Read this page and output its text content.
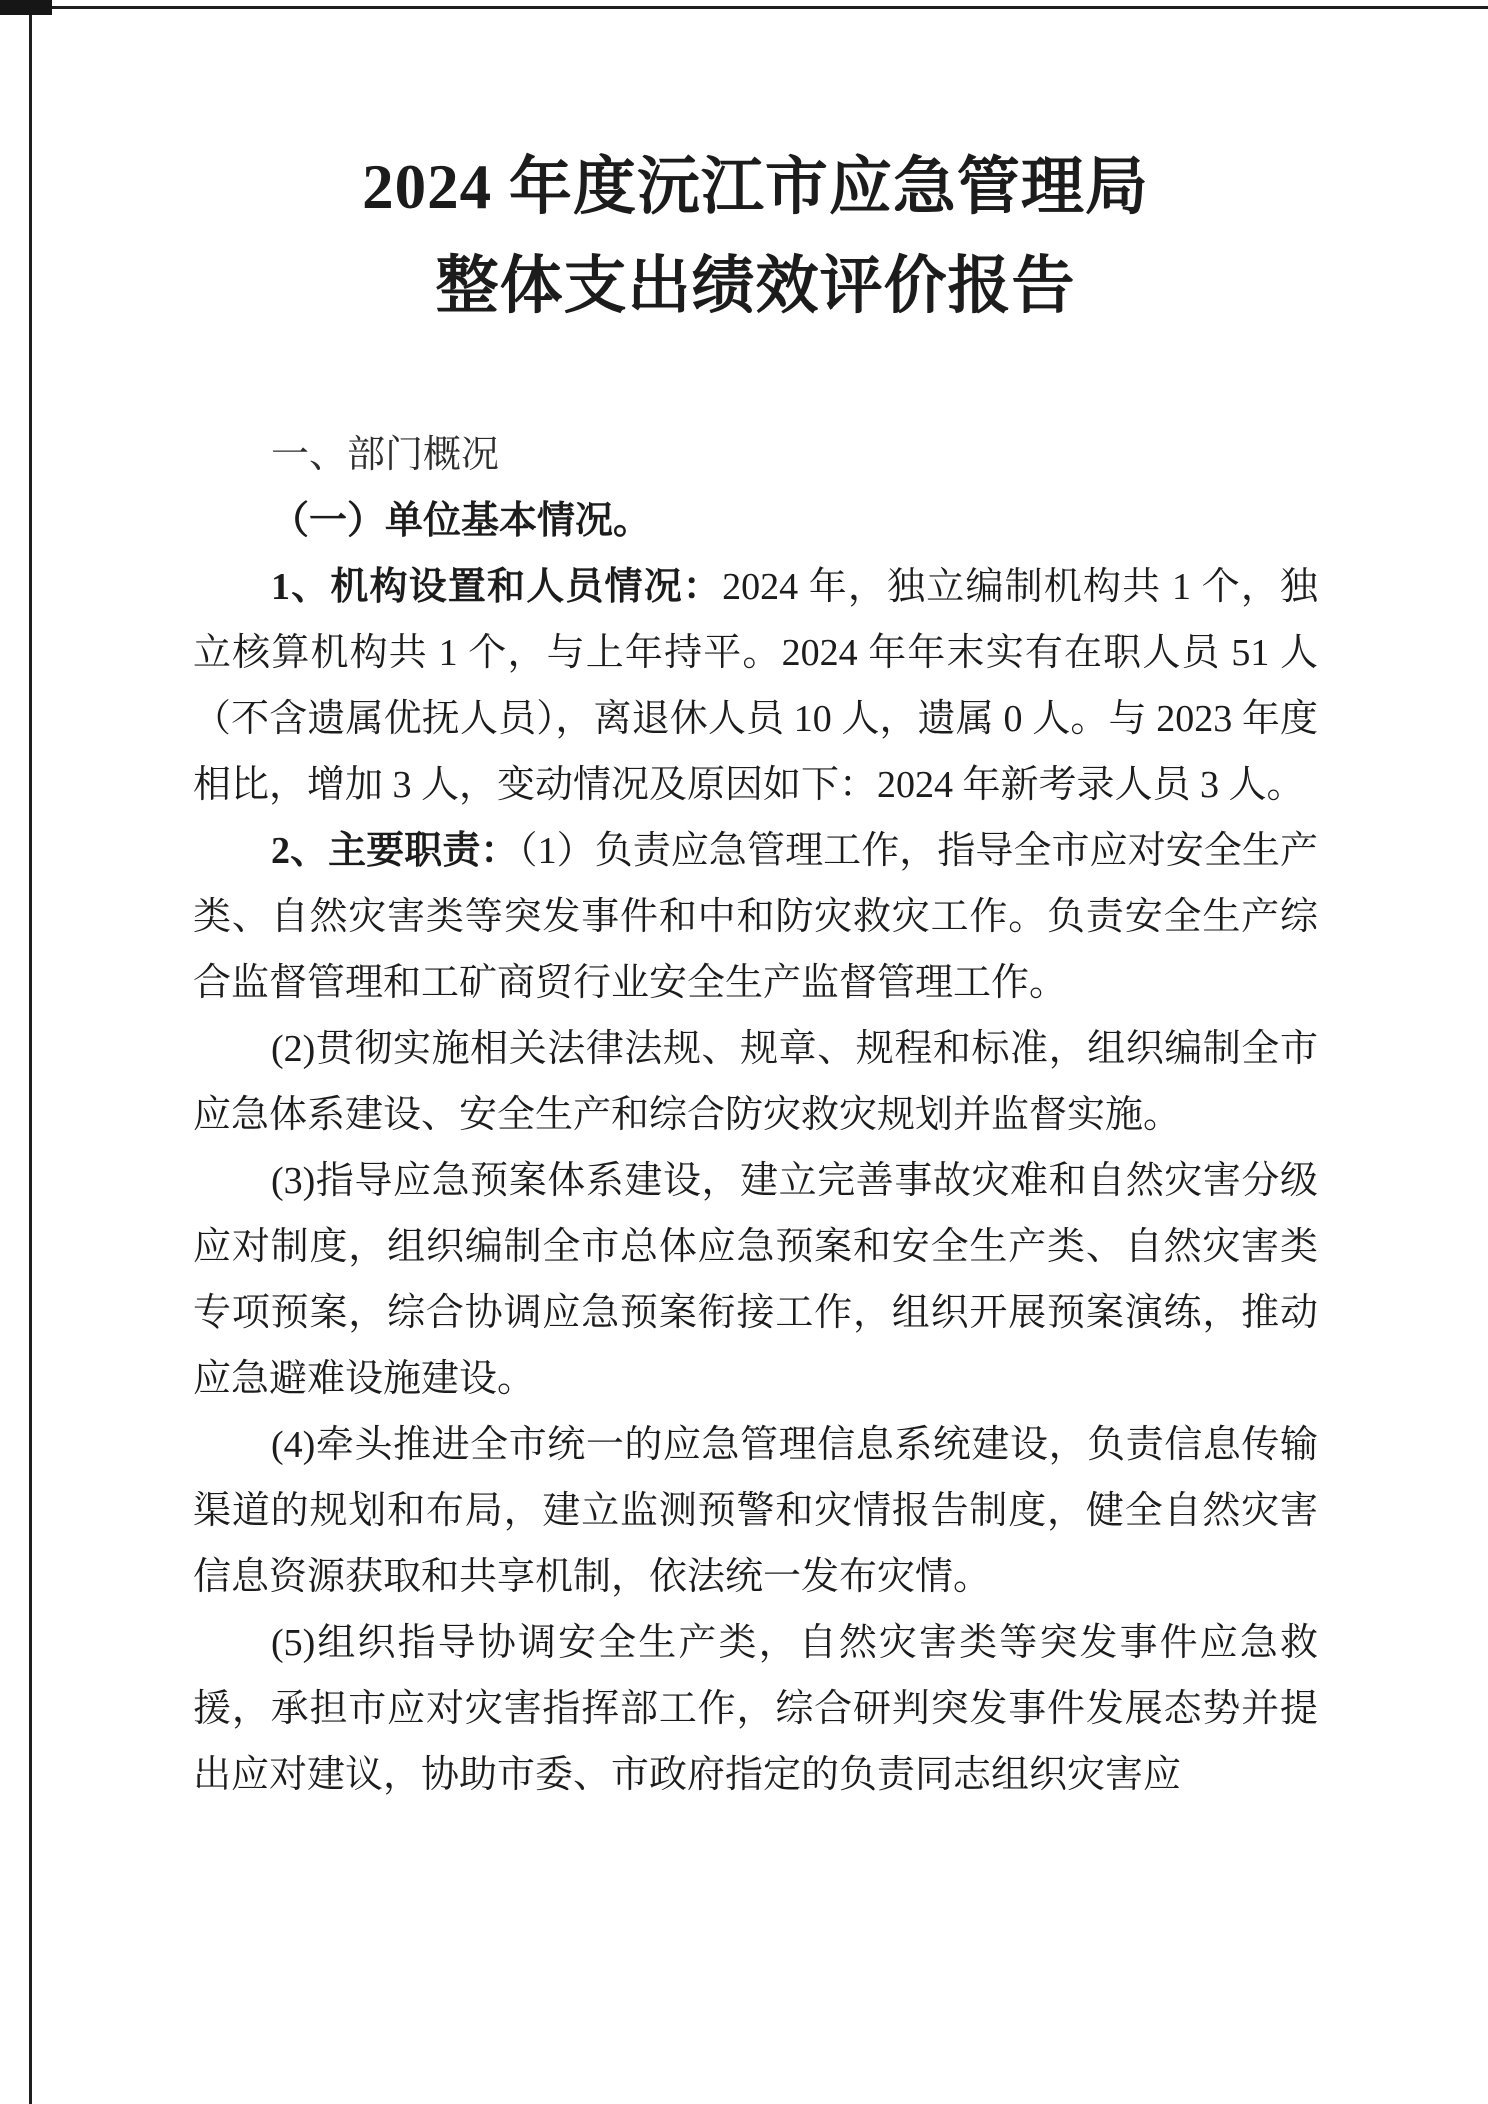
2024 年度沅江市应急管理局
整体支出绩效评价报告

一、部门概况

（一）单位基本情况。

1、机构设置和人员情况：2024 年，独立编制机构共 1 个，独立核算机构共 1 个，与上年持平。2024 年年末实有在职人员 51 人（不含遗属优抚人员），离退休人员 10 人，遗属 0 人。与 2023 年度相比，增加 3 人，变动情况及原因如下：2024 年新考录人员 3 人。

2、主要职责：（1）负责应急管理工作，指导全市应对安全生产类、自然灾害类等突发事件和中和防灾救灾工作。负责安全生产综合监督管理和工矿商贸行业安全生产监督管理工作。

(2)贯彻实施相关法律法规、规章、规程和标准，组织编制全市应急体系建设、安全生产和综合防灾救灾规划并监督实施。

(3)指导应急预案体系建设，建立完善事故灾难和自然灾害分级应对制度，组织编制全市总体应急预案和安全生产类、自然灾害类专项预案，综合协调应急预案衔接工作，组织开展预案演练，推动应急避难设施建设。

(4)牵头推进全市统一的应急管理信息系统建设，负责信息传输渠道的规划和布局，建立监测预警和灾情报告制度，健全自然灾害信息资源获取和共享机制，依法统一发布灾情。

(5)组织指导协调安全生产类，自然灾害类等突发事件应急救援，承担市应对灾害指挥部工作，综合研判突发事件发展态势并提出应对建议，协助市委、市政府指定的负责同志组织灾害应
